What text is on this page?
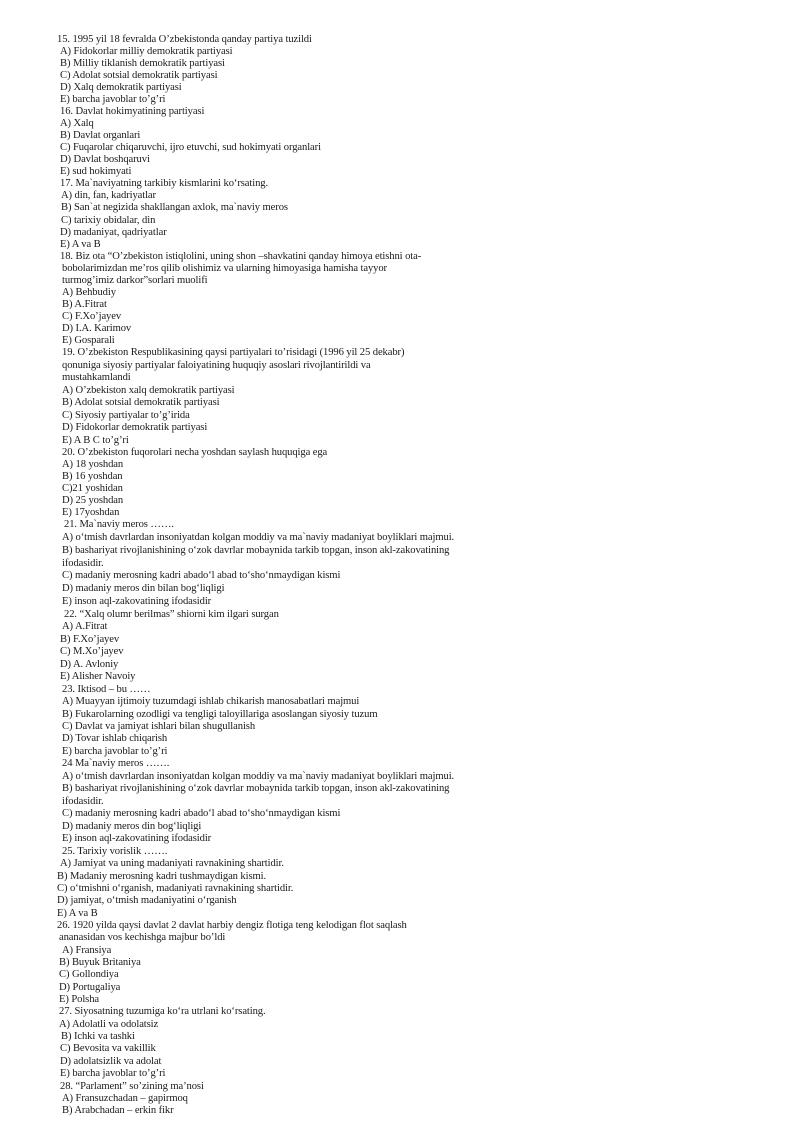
15. 1995 yil 18 fevralda O’zbekistonda qanday partiya tuzildi
A) Fidokorlar milliy demokratik partiyasi
B) Milliy tiklanish demokratik partiyasi
C) Adolat sotsial demokratik partiyasi
D) Xalq demokratik partiyasi
E) barcha javoblar to’g’ri
16. Davlat hokimyatining partiyasi
A) Xalq
B) Davlat organlari
C) Fuqarolar chiqaruvchi, ijro etuvchi, sud hokimyati organlari
D) Davlat boshqaruvi
E) sud hokimyati
17. Ma`naviyatning tarkibiy kismlarini ko‘rsating.
A) din, fan, kadriyatlar
B) San`at negizida shakllangan axlok, ma`naviy meros
C) tarixiy obidalar, din
D) madaniyat, qadriyatlar
E) A va B
18. Biz ota “O’zbekiston istiqlolini, uning shon –shavkatini qanday himoya etishni ota-
bobolarimizdan me’ros qilib olishimiz va ularning himoyasiga hamisha tayyor
turmog’imiz darkor”sorlari muolifi
A) Behbudiy
B) A.Fitrat
C) F.Xo’jayev
D) I.A. Karimov
E) Gosparali
19. O’zbekiston Respublikasining qaysi partiyalari to’risidagi (1996 yil 25 dekabr)
qonuniga siyosiy partiyalar faloiyatining huquqiy asoslari rivojlantirildi va
mustahkamlandi
A) O’zbekiston xalq demokratik partiyasi
B) Adolat sotsial demokratik partiyasi
C) Siyosiy partiyalar to’g’irida
D) Fidokorlar demokratik partiyasi
E) A B C to’g’ri
20. O’zbekiston fuqorolari necha yoshdan saylash huquqiga ega
A) 18 yoshdan
B) 16 yoshdan
C)21 yoshidan
D) 25 yoshdan
E) 17yoshdan
21. Ma`naviy meros …….
A) o‘tmish davrlardan insoniyatdan kolgan moddiy va ma`naviy madaniyat boyliklari majmui.
B) bashariyat rivojlanishining o‘zok davrlar mobaynida tarkib topgan, inson akl-zakovatining
ifodasidir.
C) madaniy merosning kadri abado‘l abad to‘sho‘nmaydigan kismi
D) madaniy meros din bilan bog‘liqligi
E) inson aql-zakovatining ifodasidir
22. “Xalq olumr berilmas” shiorni kim ilgari surgan
A) A.Fitrat
B) F.Xo’jayev
C) M.Xo’jayev
D) A. Avloniy
E) Alisher Navoiy
23. Iktisod – bu ……
A) Muayyan ijtimoiy tuzumdagi ishlab chikarish manosabatlari majmui
B) Fukarolarning ozodligi va tengligi taloyillariga asoslangan siyosiy tuzum
C) Davlat va jamiyat ishlari bilan shugullanish
D) Tovar ishlab chiqarish
E) barcha javoblar to’g’ri
24 Ma`naviy meros …….
A) o‘tmish davrlardan insoniyatdan kolgan moddiy va ma`naviy madaniyat boyliklari majmui.
B) bashariyat rivojlanishining o‘zok davrlar mobaynida tarkib topgan, inson akl-zakovatining
ifodasidir.
C) madaniy merosning kadri abado‘l abad to‘sho‘nmaydigan kismi
D) madaniy meros din bog‘liqligi
E) inson aql-zakovatining ifodasidir
25. Tarixiy vorislik …….
A) Jamiyat va uning madaniyati ravnakining shartidir.
B) Madaniy merosning kadri tushmaydigan kismi.
C) o‘tmishni o‘rganish, madaniyati ravnakining shartidir.
D) jamiyat, o‘tmish madaniyatini o‘rganish
E) A va B
26. 1920 yilda qaysi davlat 2 davlat harbiy dengiz flotiga teng kelodigan flot saqlash
ananasidan vos kechishga majbur bo’ldi
A) Fransiya
B) Buyuk Britaniya
C) Gollondiya
D) Portugaliya
E) Polsha
27. Siyosatning tuzumiga ko‘ra utrlani ko‘rsating.
A) Adolatli va odolatsiz
B) Ichki va tashki
C) Bevosita va vakillik
D) adolatsizlik va adolat
E) barcha javoblar to’g’ri
28. “Parlament” so’zining ma’nosi
A) Fransuzchadan – gapirmoq
B) Arabchadan – erkin fikr
